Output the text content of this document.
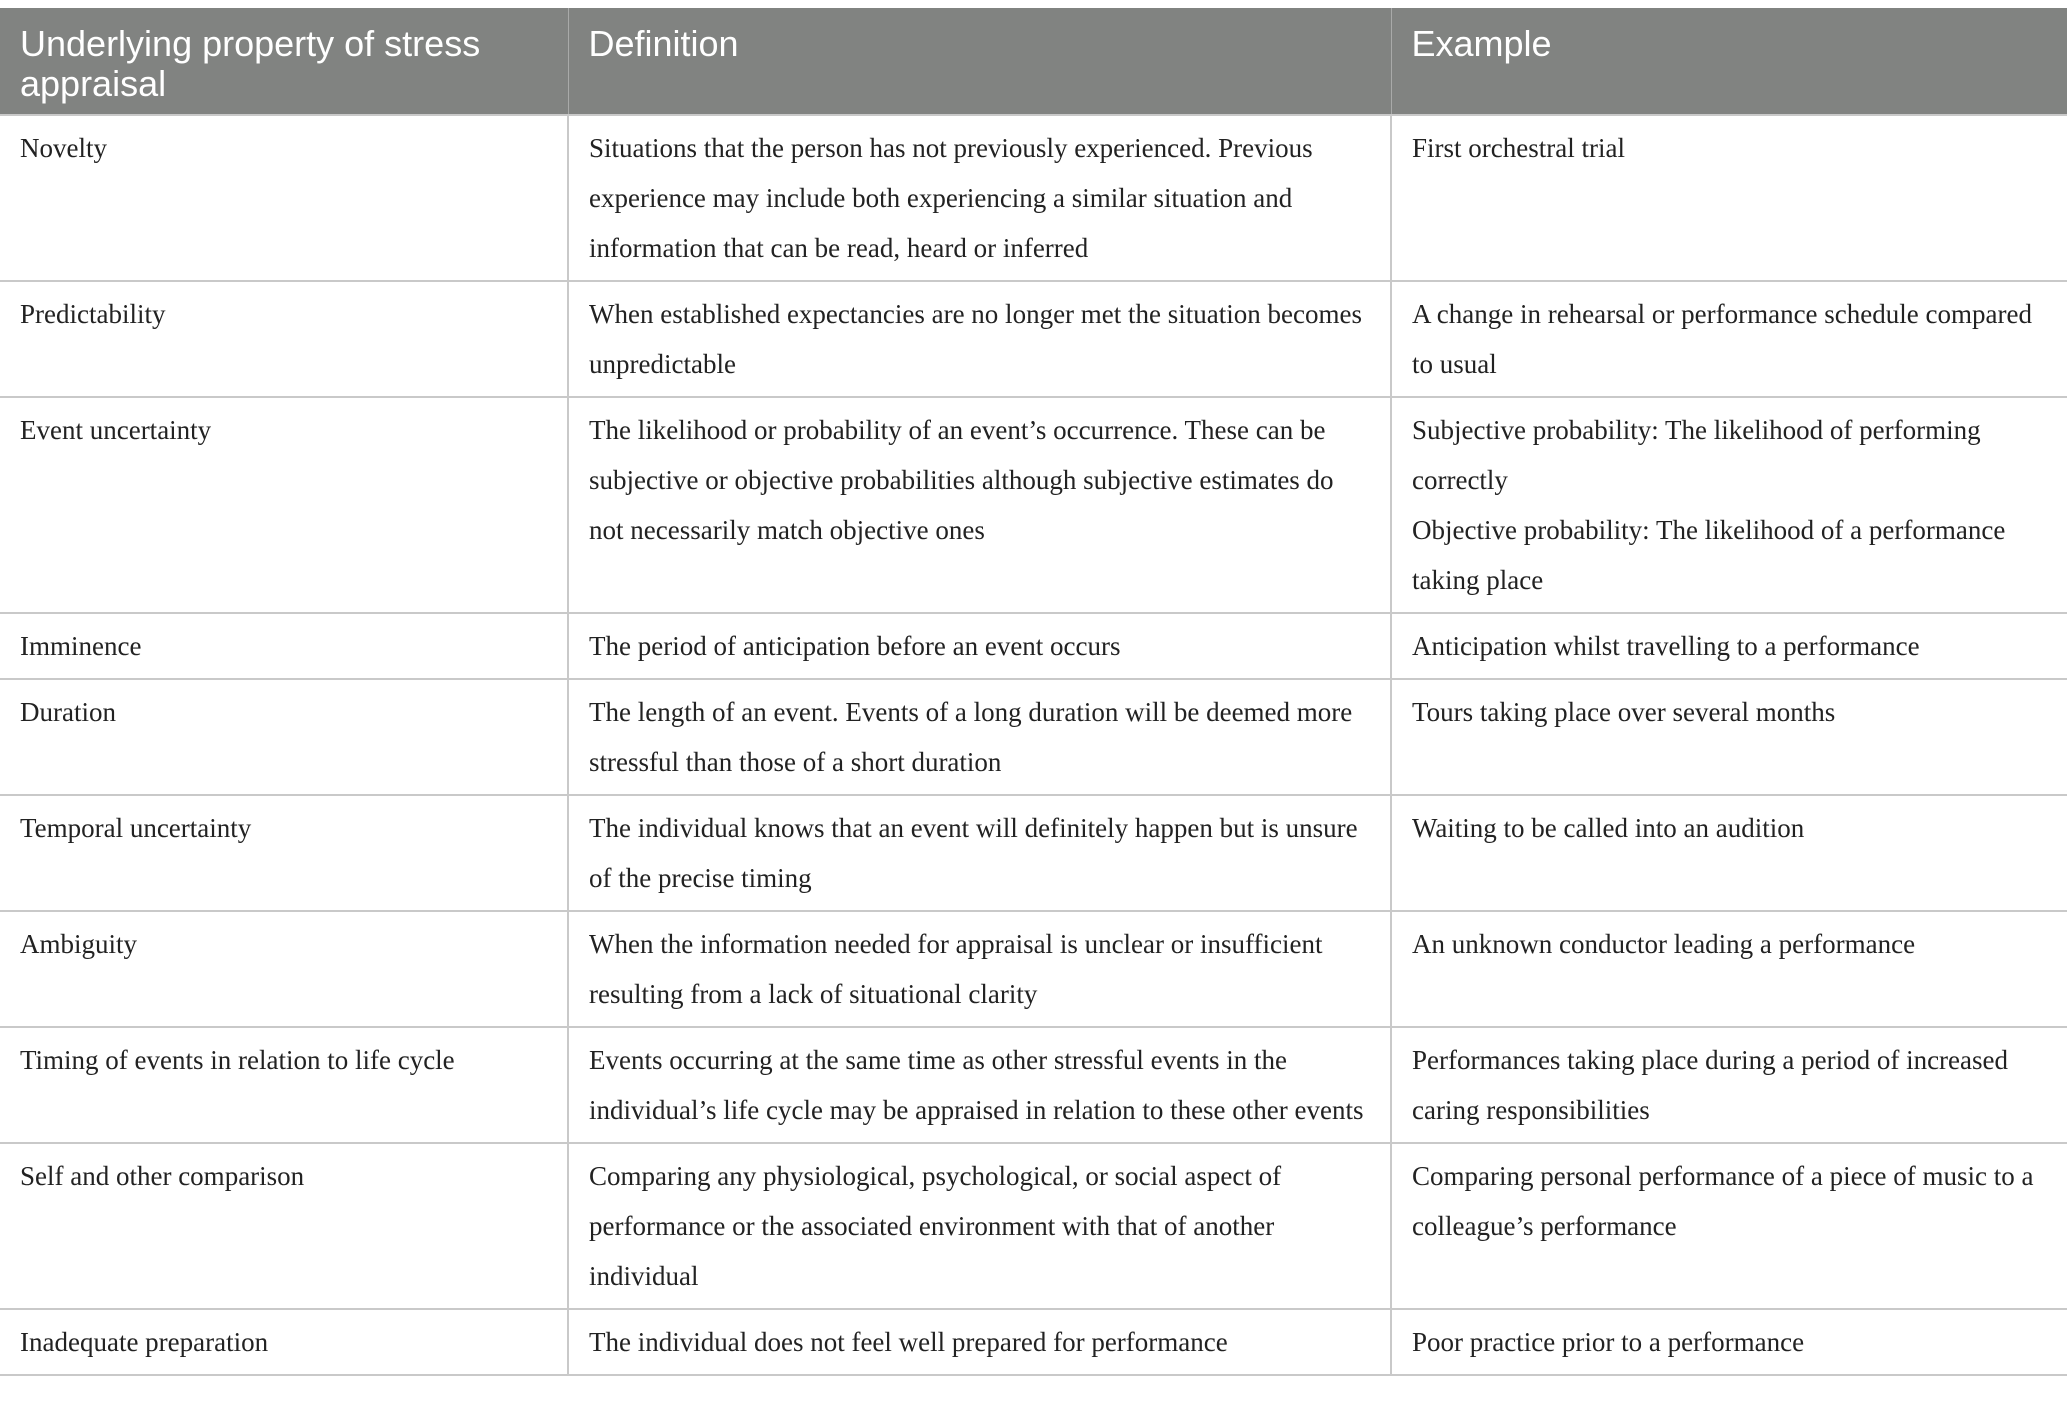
Underlying property of stress appraisal	Definition	Example
Novelty	Situations that the person has not previously experienced. Previous experience may include both experiencing a similar situation and information that can be read, heard or inferred	First orchestral trial

Predictability	When established expectancies are no longer met the situation becomes unpredictable	A change in rehearsal or performance schedule compared to usual

Event uncertainty	The likelihood or probability of an event’s occurrence. These can be subjective or objective probabilities although subjective estimates do not necessarily match objective ones	Subjective probability: The likelihood of performing correctly
Objective probability: The likelihood of a performance taking place

Imminence	The period of anticipation before an event occurs	Anticipation whilst travelling to a performance

Duration	The length of an event. Events of a long duration will be deemed more stressful than those of a short duration	Tours taking place over several months

Temporal uncertainty	The individual knows that an event will definitely happen but is unsure of the precise timing	Waiting to be called into an audition

Ambiguity	When the information needed for appraisal is unclear or insufficient resulting from a lack of situational clarity	An unknown conductor leading a performance

Timing of events in relation to life cycle	Events occurring at the same time as other stressful events in the individual’s life cycle may be appraised in relation to these other events	Performances taking place during a period of increased caring responsibilities

Self and other comparison	Comparing any physiological, psychological, or social aspect of performance or the associated environment with that of another individual	Comparing personal performance of a piece of music to a colleague’s performance

Inadequate preparation	The individual does not feel well prepared for performance	Poor practice prior to a performance
